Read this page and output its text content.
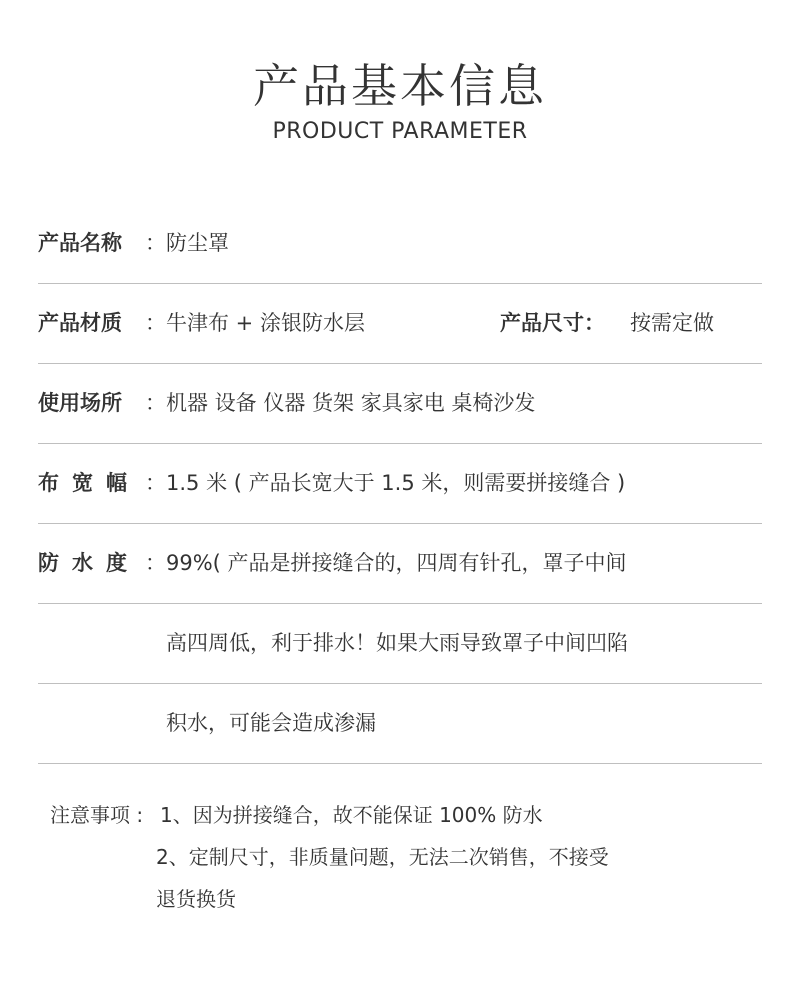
产品基本信息
PRODUCT PARAMETER
产品名称 ： 防尘罩
产品材质 ： 牛津布 + 涂银防水层	产品尺寸： 按需定做
使用场所 ： 机器 设备 仪器 货架 家具家电 桌椅沙发
布宽幅 ： 1.5 米 ( 产品长宽大于 1.5 米，则需要拼接缝合 )
防水度 ： 99%( 产品是拼接缝合的，四周有针孔，罩子中间
高四周低，利于排水！如果大雨导致罩子中间凹陷
积水，可能会造成渗漏
注意事项 : 1、因为拼接缝合，故不能保证 100% 防水
2、定制尺寸，非质量问题，无法二次销售，不接受
退货换货
